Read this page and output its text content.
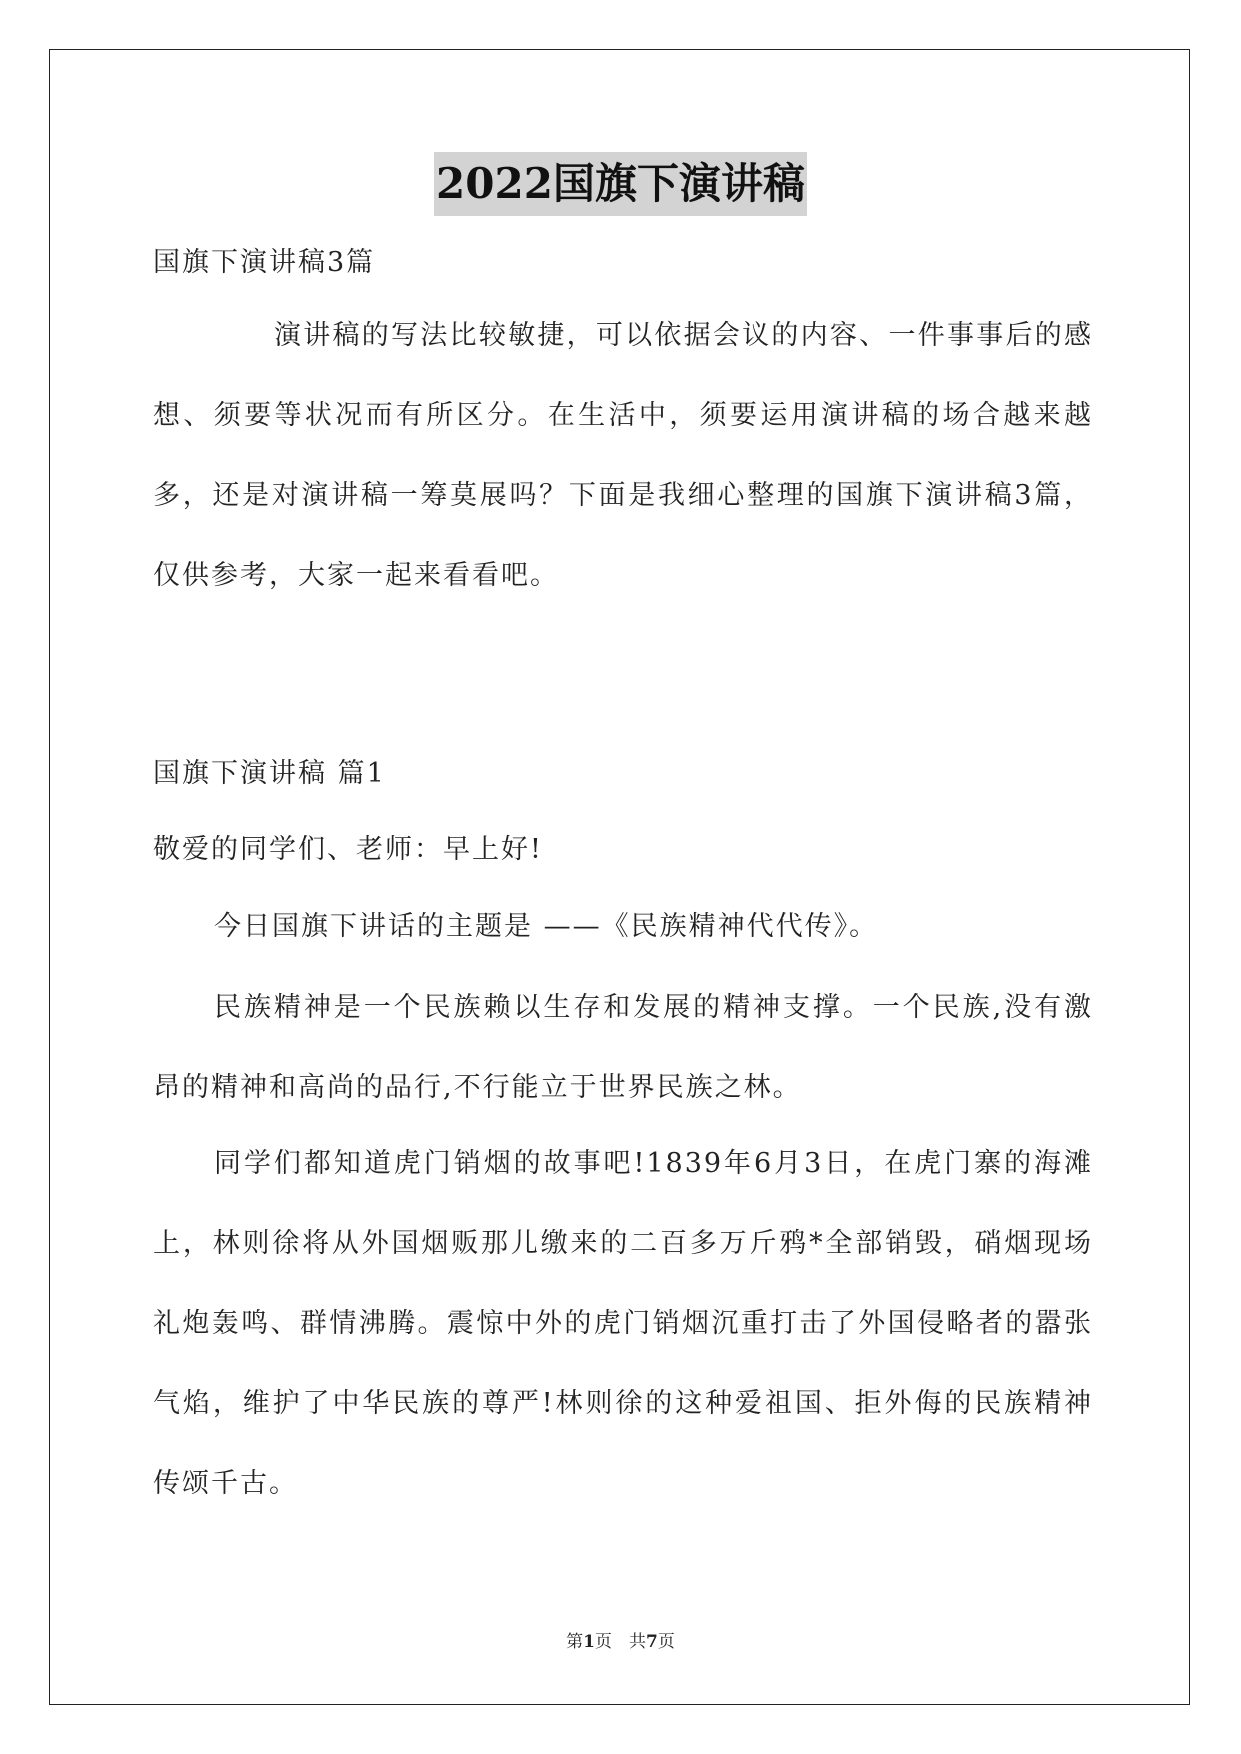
2022国旗下演讲稿

国旗下演讲稿3篇

演讲稿的写法比较敏捷，可以依据会议的内容、一件事事后的感想、须要等状况而有所区分。在生活中，须要运用演讲稿的场合越来越多，还是对演讲稿一筹莫展吗？下面是我细心整理的国旗下演讲稿3篇，仅供参考，大家一起来看看吧。

国旗下演讲稿 篇1

敬爱的同学们、老师：早上好!

今日国旗下讲话的主题是 ——《民族精神代代传》。

民族精神是一个民族赖以生存和发展的精神支撑。一个民族,没有激昂的精神和高尚的品行,不行能立于世界民族之林。

同学们都知道虎门销烟的故事吧!1839年6月3日，在虎门寨的海滩上，林则徐将从外国烟贩那儿缴来的二百多万斤鸦*全部销毁，硝烟现场礼炮轰鸣、群情沸腾。震惊中外的虎门销烟沉重打击了外国侵略者的嚣张气焰，维护了中华民族的尊严!林则徐的这种爱祖国、拒外侮的民族精神传颂千古。

第1页　共7页
